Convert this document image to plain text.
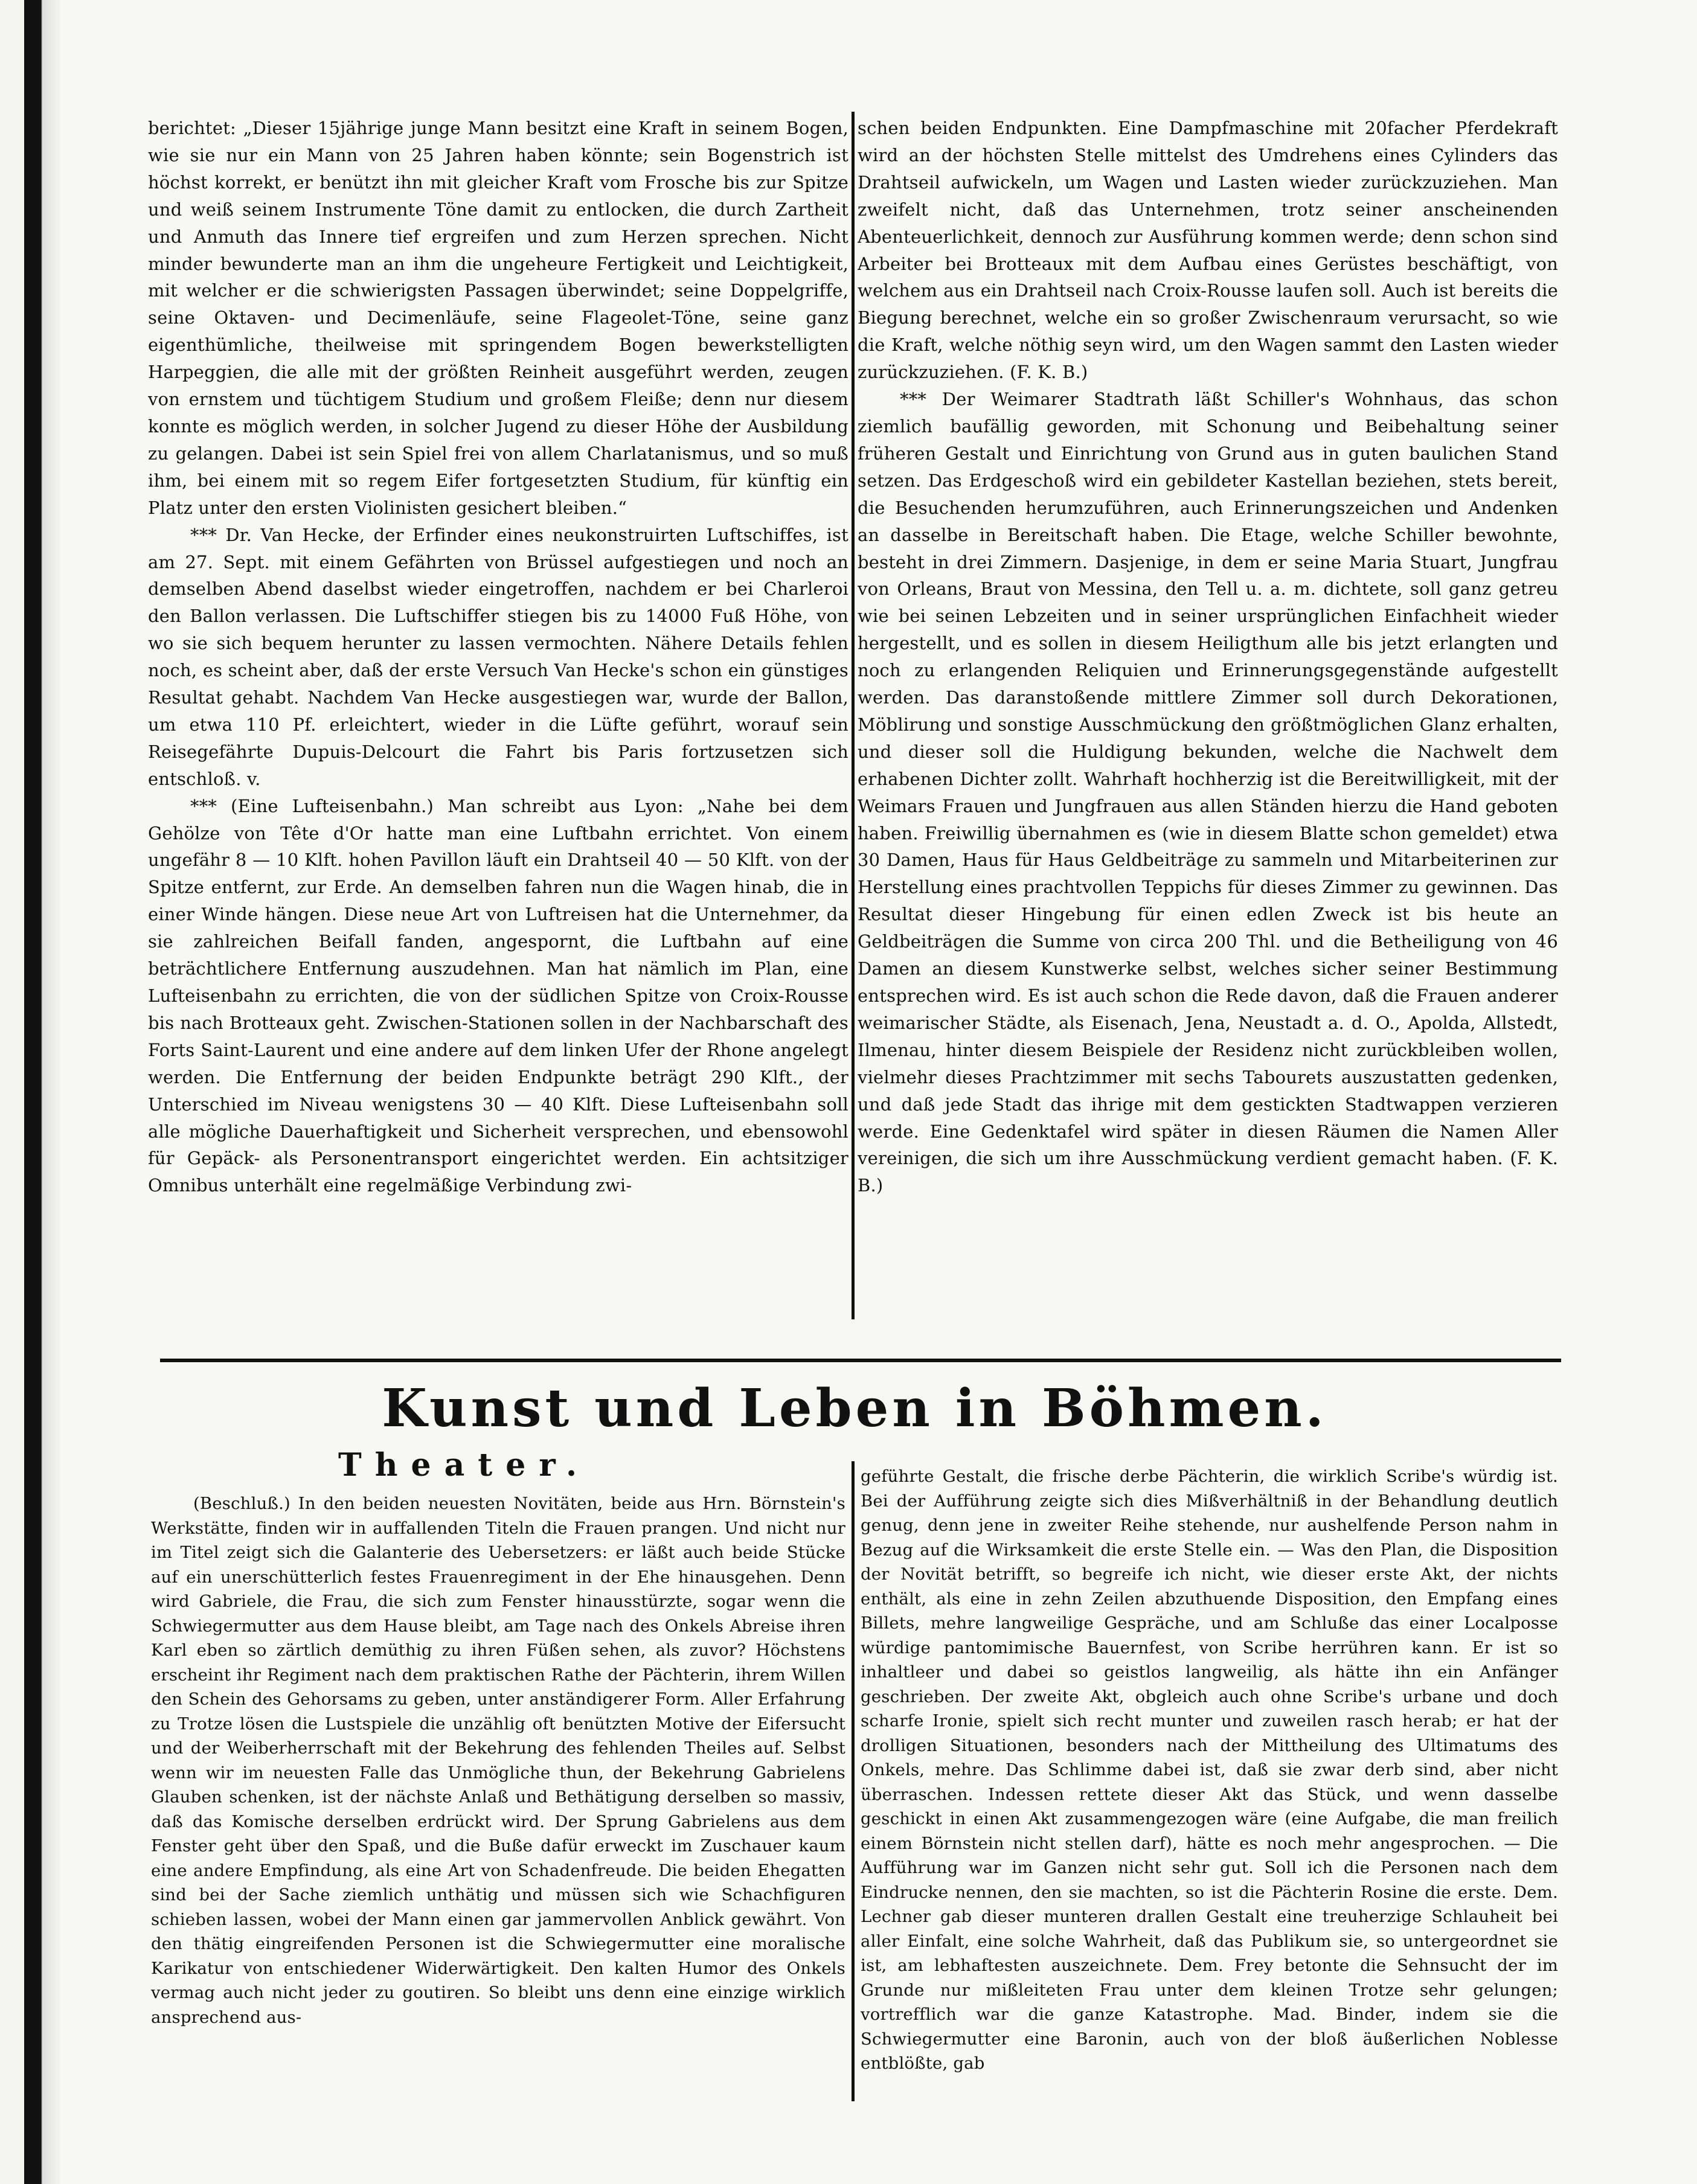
berichtet: „Dieser 15jährige junge Mann besitzt eine Kraft in seinem Bogen, wie sie nur ein Mann von 25 Jahren haben könnte; sein Bogenstrich ist höchst korrekt, er benützt ihn mit gleicher Kraft vom Frosche bis zur Spitze und weiß seinem Instrumente Töne damit zu entlocken, die durch Zartheit und Anmuth das Innere tief ergreifen und zum Herzen sprechen. Nicht minder bewunderte man an ihm die ungeheure Fertigkeit und Leichtigkeit, mit welcher er die schwierigsten Passagen überwindet; seine Doppelgriffe, seine Oktaven- und Decimenläufe, seine Flageolet-Töne, seine ganz eigenthümliche, theilweise mit springendem Bogen bewerkstelligten Harpeggien, die alle mit der größten Reinheit ausgeführt werden, zeugen von ernstem und tüchtigem Studium und großem Fleiße; denn nur diesem konnte es möglich werden, in solcher Jugend zu dieser Höhe der Ausbildung zu gelangen. Dabei ist sein Spiel frei von allem Charlatanismus, und so muß ihm, bei einem mit so regem Eifer fortgesetzten Studium, für künftig ein Platz unter den ersten Violinisten gesichert bleiben.“

*** Dr. Van Hecke, der Erfinder eines neukonstruirten Luftschiffes, ist am 27. Sept. mit einem Gefährten von Brüssel aufgestiegen und noch an demselben Abend daselbst wieder eingetroffen, nachdem er bei Charleroi den Ballon verlassen. Die Luftschiffer stiegen bis zu 14000 Fuß Höhe, von wo sie sich bequem herunter zu lassen vermochten. Nähere Details fehlen noch, es scheint aber, daß der erste Versuch Van Hecke's schon ein günstiges Resultat gehabt. Nachdem Van Hecke ausgestiegen war, wurde der Ballon, um etwa 110 Pf. erleichtert, wieder in die Lüfte geführt, worauf sein Reisegefährte Dupuis-Delcourt die Fahrt bis Paris fortzusetzen sich entschloß. v.

*** (Eine Lufteisenbahn.) Man schreibt aus Lyon: „Nahe bei dem Gehölze von Tête d'Or hatte man eine Luftbahn errichtet. Von einem ungefähr 8 — 10 Klft. hohen Pavillon läuft ein Drahtseil 40 — 50 Klft. von der Spitze entfernt, zur Erde. An demselben fahren nun die Wagen hinab, die in einer Winde hängen. Diese neue Art von Luftreisen hat die Unternehmer, da sie zahlreichen Beifall fanden, angespornt, die Luftbahn auf eine beträchtlichere Entfernung auszudehnen. Man hat nämlich im Plan, eine Lufteisenbahn zu errichten, die von der südlichen Spitze von Croix-Rousse bis nach Brotteaux geht. Zwischen-Stationen sollen in der Nachbarschaft des Forts Saint-Laurent und eine andere auf dem linken Ufer der Rhone angelegt werden. Die Entfernung der beiden Endpunkte beträgt 290 Klft., der Unterschied im Niveau wenigstens 30 — 40 Klft. Diese Lufteisenbahn soll alle mögliche Dauerhaftigkeit und Sicherheit versprechen, und ebensowohl für Gepäck- als Personentransport eingerichtet werden. Ein achtsitziger Omnibus unterhält eine regelmäßige Verbindung zwi-

schen beiden Endpunkten. Eine Dampfmaschine mit 20facher Pferdekraft wird an der höchsten Stelle mittelst des Umdrehens eines Cylinders das Drahtseil aufwickeln, um Wagen und Lasten wieder zurückzuziehen. Man zweifelt nicht, daß das Unternehmen, trotz seiner anscheinenden Abenteuerlichkeit, dennoch zur Ausführung kommen werde; denn schon sind Arbeiter bei Brotteaux mit dem Aufbau eines Gerüstes beschäftigt, von welchem aus ein Drahtseil nach Croix-Rousse laufen soll. Auch ist bereits die Biegung berechnet, welche ein so großer Zwischenraum verursacht, so wie die Kraft, welche nöthig seyn wird, um den Wagen sammt den Lasten wieder zurückzuziehen. (F. K. B.)

*** Der Weimarer Stadtrath läßt Schiller's Wohnhaus, das schon ziemlich baufällig geworden, mit Schonung und Beibehaltung seiner früheren Gestalt und Einrichtung von Grund aus in guten baulichen Stand setzen. Das Erdgeschoß wird ein gebildeter Kastellan beziehen, stets bereit, die Besuchenden herumzuführen, auch Erinnerungszeichen und Andenken an dasselbe in Bereitschaft haben. Die Etage, welche Schiller bewohnte, besteht in drei Zimmern. Dasjenige, in dem er seine Maria Stuart, Jungfrau von Orleans, Braut von Messina, den Tell u. a. m. dichtete, soll ganz getreu wie bei seinen Lebzeiten und in seiner ursprünglichen Einfachheit wieder hergestellt, und es sollen in diesem Heiligthum alle bis jetzt erlangten und noch zu erlangenden Reliquien und Erinnerungsgegenstände aufgestellt werden. Das daranstoßende mittlere Zimmer soll durch Dekorationen, Möblirung und sonstige Ausschmückung den größtmöglichen Glanz erhalten, und dieser soll die Huldigung bekunden, welche die Nachwelt dem erhabenen Dichter zollt. Wahrhaft hochherzig ist die Bereitwilligkeit, mit der Weimars Frauen und Jungfrauen aus allen Ständen hierzu die Hand geboten haben. Freiwillig übernahmen es (wie in diesem Blatte schon gemeldet) etwa 30 Damen, Haus für Haus Geldbeiträge zu sammeln und Mitarbeiterinen zur Herstellung eines prachtvollen Teppichs für dieses Zimmer zu gewinnen. Das Resultat dieser Hingebung für einen edlen Zweck ist bis heute an Geldbeiträgen die Summe von circa 200 Thl. und die Betheiligung von 46 Damen an diesem Kunstwerke selbst, welches sicher seiner Bestimmung entsprechen wird. Es ist auch schon die Rede davon, daß die Frauen anderer weimarischer Städte, als Eisenach, Jena, Neustadt a. d. O., Apolda, Allstedt, Ilmenau, hinter diesem Beispiele der Residenz nicht zurückbleiben wollen, vielmehr dieses Prachtzimmer mit sechs Tabourets auszustatten gedenken, und daß jede Stadt das ihrige mit dem gestickten Stadtwappen verzieren werde. Eine Gedenktafel wird später in diesen Räumen die Namen Aller vereinigen, die sich um ihre Ausschmückung verdient gemacht haben. (F. K. B.)

Kunst und Leben in Böhmen.
Theater.

(Beschluß.) In den beiden neuesten Novitäten, beide aus Hrn. Börnstein's Werkstätte, finden wir in auffallenden Titeln die Frauen prangen. Und nicht nur im Titel zeigt sich die Galanterie des Uebersetzers: er läßt auch beide Stücke auf ein unerschütterlich festes Frauenregiment in der Ehe hinausgehen. Denn wird Gabriele, die Frau, die sich zum Fenster hinausstürzte, sogar wenn die Schwiegermutter aus dem Hause bleibt, am Tage nach des Onkels Abreise ihren Karl eben so zärtlich demüthig zu ihren Füßen sehen, als zuvor? Höchstens erscheint ihr Regiment nach dem praktischen Rathe der Pächterin, ihrem Willen den Schein des Gehorsams zu geben, unter anständigerer Form. Aller Erfahrung zu Trotze lösen die Lustspiele die unzählig oft benützten Motive der Eifersucht und der Weiberherrschaft mit der Bekehrung des fehlenden Theiles auf. Selbst wenn wir im neuesten Falle das Unmögliche thun, der Bekehrung Gabrielens Glauben schenken, ist der nächste Anlaß und Bethätigung derselben so massiv, daß das Komische derselben erdrückt wird. Der Sprung Gabrielens aus dem Fenster geht über den Spaß, und die Buße dafür erweckt im Zuschauer kaum eine andere Empfindung, als eine Art von Schadenfreude. Die beiden Ehegatten sind bei der Sache ziemlich unthätig und müssen sich wie Schachfiguren schieben lassen, wobei der Mann einen gar jammervollen Anblick gewährt. Von den thätig eingreifenden Personen ist die Schwiegermutter eine moralische Karikatur von entschiedener Widerwärtigkeit. Den kalten Humor des Onkels vermag auch nicht jeder zu goutiren. So bleibt uns denn eine einzige wirklich ansprechend aus-

geführte Gestalt, die frische derbe Pächterin, die wirklich Scribe's würdig ist. Bei der Aufführung zeigte sich dies Mißverhältniß in der Behandlung deutlich genug, denn jene in zweiter Reihe stehende, nur aushelfende Person nahm in Bezug auf die Wirksamkeit die erste Stelle ein. — Was den Plan, die Disposition der Novität betrifft, so begreife ich nicht, wie dieser erste Akt, der nichts enthält, als eine in zehn Zeilen abzuthuende Disposition, den Empfang eines Billets, mehre langweilige Gespräche, und am Schluße das einer Localposse würdige pantomimische Bauernfest, von Scribe herrühren kann. Er ist so inhaltleer und dabei so geistlos langweilig, als hätte ihn ein Anfänger geschrieben. Der zweite Akt, obgleich auch ohne Scribe's urbane und doch scharfe Ironie, spielt sich recht munter und zuweilen rasch herab; er hat der drolligen Situationen, besonders nach der Mittheilung des Ultimatums des Onkels, mehre. Das Schlimme dabei ist, daß sie zwar derb sind, aber nicht überraschen. Indessen rettete dieser Akt das Stück, und wenn dasselbe geschickt in einen Akt zusammengezogen wäre (eine Aufgabe, die man freilich einem Börnstein nicht stellen darf), hätte es noch mehr angesprochen. — Die Aufführung war im Ganzen nicht sehr gut. Soll ich die Personen nach dem Eindrucke nennen, den sie machten, so ist die Pächterin Rosine die erste. Dem. Lechner gab dieser munteren drallen Gestalt eine treuherzige Schlauheit bei aller Einfalt, eine solche Wahrheit, daß das Publikum sie, so untergeordnet sie ist, am lebhaftesten auszeichnete. Dem. Frey betonte die Sehnsucht der im Grunde nur mißleiteten Frau unter dem kleinen Trotze sehr gelungen; vortrefflich war die ganze Katastrophe. Mad. Binder, indem sie die Schwiegermutter eine Baronin, auch von der bloß äußerlichen Noblesse entblößte, gab
